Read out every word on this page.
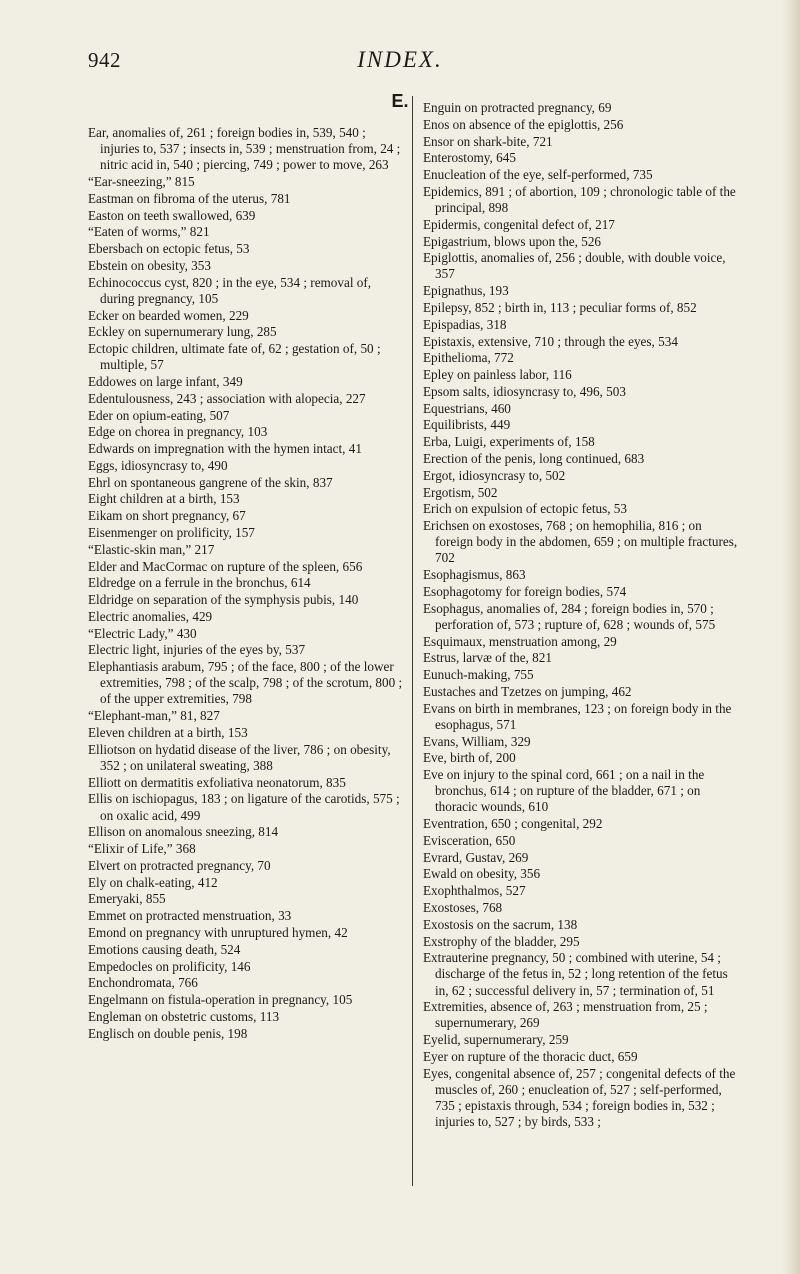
942	INDEX.
E.

Ear, anomalies of, 261 ; foreign bodies in, 539, 540 ; injuries to, 537 ; insects in, 539 ; menstruation from, 24 ; nitric acid in, 540 ; piercing, 749 ; power to move, 263

“Ear-sneezing,” 815

Eastman on fibroma of the uterus, 781

Easton on teeth swallowed, 639

“Eaten of worms,” 821

Ebersbach on ectopic fetus, 53

Ebstein on obesity, 353

Echinococcus cyst, 820 ; in the eye, 534 ; removal of, during pregnancy, 105

Ecker on bearded women, 229

Eckley on supernumerary lung, 285

Ectopic children, ultimate fate of, 62 ; gestation of, 50 ; multiple, 57

Eddowes on large infant, 349

Edentulousness, 243 ; association with alopecia, 227

Eder on opium-eating, 507

Edge on chorea in pregnancy, 103

Edwards on impregnation with the hymen intact, 41

Eggs, idiosyncrasy to, 490

Ehrl on spontaneous gangrene of the skin, 837

Eight children at a birth, 153

Eikam on short pregnancy, 67

Eisenmenger on prolificity, 157

“Elastic-skin man,” 217

Elder and MacCormac on rupture of the spleen, 656

Eldredge on a ferrule in the bronchus, 614

Eldridge on separation of the symphysis pubis, 140

Electric anomalies, 429

“Electric Lady,” 430

Electric light, injuries of the eyes by, 537

Elephantiasis arabum, 795 ; of the face, 800 ; of the lower extremities, 798 ; of the scalp, 798 ; of the scrotum, 800 ; of the upper extremities, 798

“Elephant-man,” 81, 827

Eleven children at a birth, 153

Elliotson on hydatid disease of the liver, 786 ; on obesity, 352 ; on unilateral sweating, 388

Elliott on dermatitis exfoliativa neonatorum, 835

Ellis on ischiopagus, 183 ; on ligature of the carotids, 575 ; on oxalic acid, 499

Ellison on anomalous sneezing, 814

“Elixir of Life,” 368

Elvert on protracted pregnancy, 70

Ely on chalk-eating, 412

Emeryaki, 855

Emmet on protracted menstruation, 33

Emond on pregnancy with unruptured hymen, 42

Emotions causing death, 524

Empedocles on prolificity, 146

Enchondromata, 766

Engelmann on fistula-operation in pregnancy, 105

Engleman on obstetric customs, 113

Englisch on double penis, 198

Enguin on protracted pregnancy, 69

Enos on absence of the epiglottis, 256

Ensor on shark-bite, 721

Enterostomy, 645

Enucleation of the eye, self-performed, 735

Epidemics, 891 ; of abortion, 109 ; chronologic table of the principal, 898

Epidermis, congenital defect of, 217

Epigastrium, blows upon the, 526

Epiglottis, anomalies of, 256 ; double, with double voice, 357

Epignathus, 193

Epilepsy, 852 ; birth in, 113 ; peculiar forms of, 852

Epispadias, 318

Epistaxis, extensive, 710 ; through the eyes, 534

Epithelioma, 772

Epley on painless labor, 116

Epsom salts, idiosyncrasy to, 496, 503

Equestrians, 460

Equilibrists, 449

Erba, Luigi, experiments of, 158

Erection of the penis, long continued, 683

Ergot, idiosyncrasy to, 502

Ergotism, 502

Erich on expulsion of ectopic fetus, 53

Erichsen on exostoses, 768 ; on hemophilia, 816 ; on foreign body in the abdomen, 659 ; on multiple fractures, 702

Esophagismus, 863

Esophagotomy for foreign bodies, 574

Esophagus, anomalies of, 284 ; foreign bodies in, 570 ; perforation of, 573 ; rupture of, 628 ; wounds of, 575

Esquimaux, menstruation among, 29

Estrus, larvæ of the, 821

Eunuch-making, 755

Eustaches and Tzetzes on jumping, 462

Evans on birth in membranes, 123 ; on foreign body in the esophagus, 571

Evans, William, 329

Eve, birth of, 200

Eve on injury to the spinal cord, 661 ; on a nail in the bronchus, 614 ; on rupture of the bladder, 671 ; on thoracic wounds, 610

Eventration, 650 ; congenital, 292

Evisceration, 650

Evrard, Gustav, 269

Ewald on obesity, 356

Exophthalmos, 527

Exostoses, 768

Exostosis on the sacrum, 138

Exstrophy of the bladder, 295

Extrauterine pregnancy, 50 ; combined with uterine, 54 ; discharge of the fetus in, 52 ; long retention of the fetus in, 62 ; successful delivery in, 57 ; termination of, 51

Extremities, absence of, 263 ; menstruation from, 25 ; supernumerary, 269

Eyelid, supernumerary, 259

Eyer on rupture of the thoracic duct, 659

Eyes, congenital absence of, 257 ; congenital defects of the muscles of, 260 ; enucleation of, 527 ; self-performed, 735 ; epistaxis through, 534 ; foreign bodies in, 532 ; injuries to, 527 ; by birds, 533 ;
